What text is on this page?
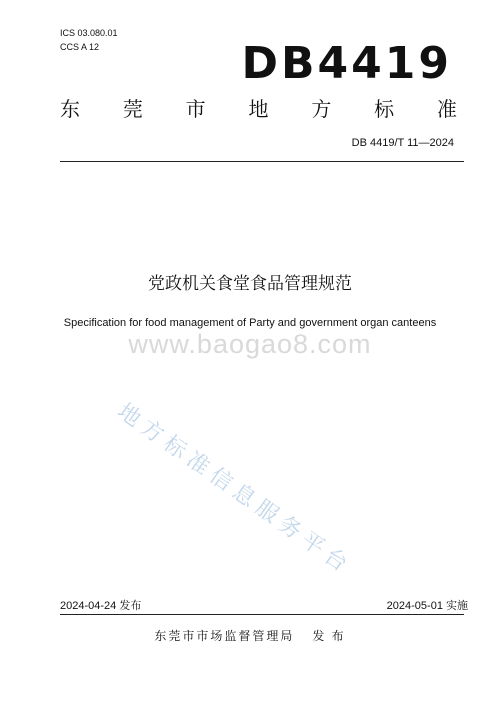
ICS 03.080.01
CCS A 12	DB4419
东 莞 市 地 方 标 准
DB 4419/T 11—2024
党政机关食堂食品管理规范
www.baogao8.com
Specification for food management of Party and government organ canteens
地方标准信息服务平台
2024-04-24 发布	2024-05-01 实施
东莞市市场监督管理局 发 布
